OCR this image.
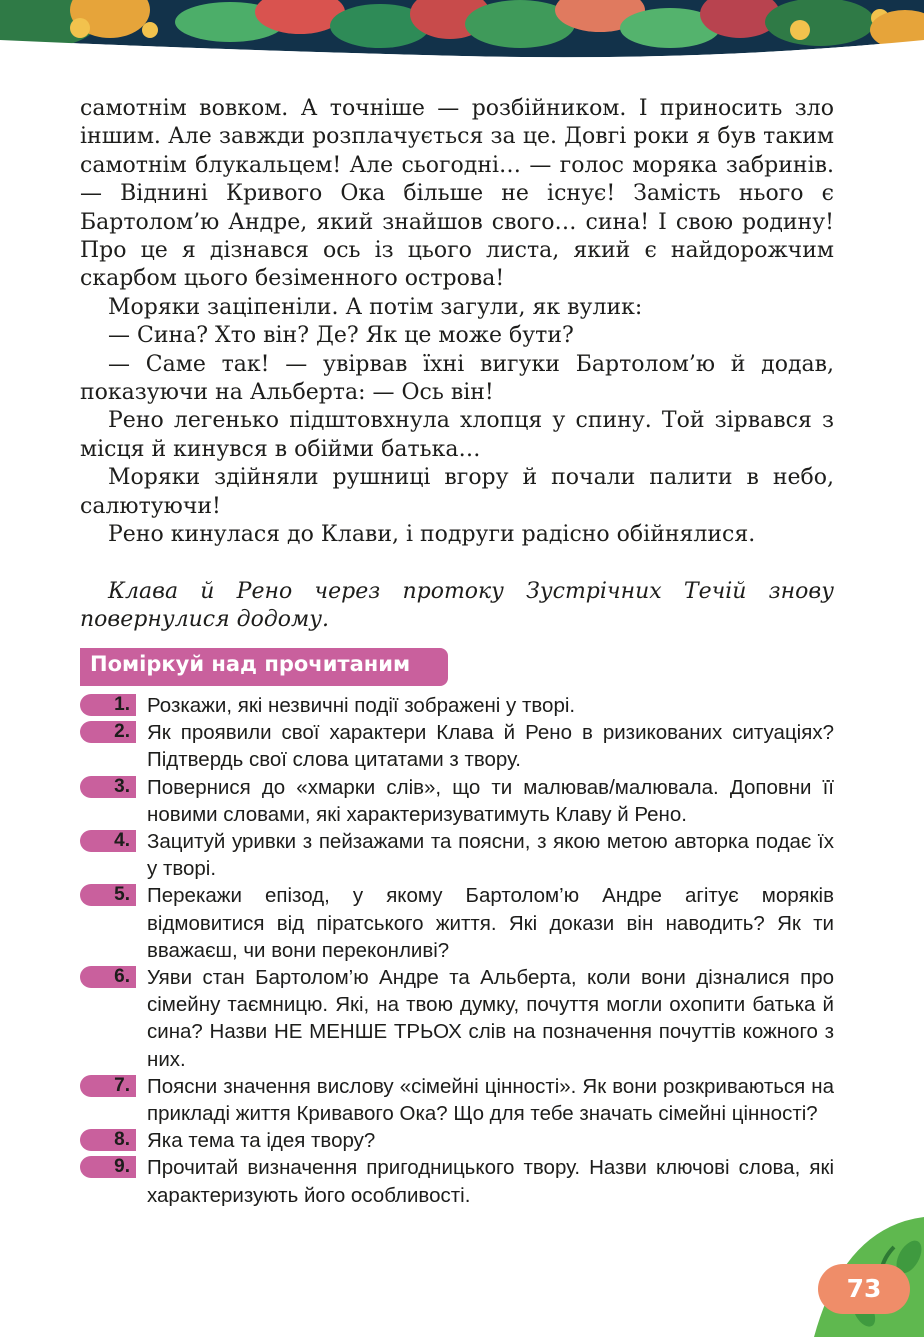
самотнім вовком. А точніше — розбійником. І приносить зло іншим. Але завжди розплачується за це. Довгі роки я був таким самотнім блукальцем! Але сьогодні… — голос моряка забринів. — Віднині Кривого Ока більше не існує! Замість нього є Бартолом’ю Андре, який знайшов свого… сина! І свою родину! Про це я дізнався ось із цього листа, який є найдорожчим скарбом цього безіменного острова!

Моряки заціпеніли. А потім загули, як вулик:

— Сина? Хто він? Де? Як це може бути?

— Саме так! — увірвав їхні вигуки Бартолом’ю й додав, показуючи на Альберта: — Ось він!

Рено легенько підштовхнула хлопця у спину. Той зірвався з місця й кинувся в обійми батька…

Моряки здійняли рушниці вгору й почали палити в небо, салютуючи!

Рено кинулася до Клави, і подруги радісно обійнялися.

Клава й Рено через протоку Зустрічних Течій знову повернулися додому.

Поміркуй над прочитаним
1. Розкажи, які незвичні події зображені у творі.
2. Як проявили свої характери Клава й Рено в ризикованих ситуаціях? Підтвердь свої слова цитатами з твору.
3. Повернися до «хмарки слів», що ти малював/малювала. Доповни її новими словами, які характеризуватимуть Клаву й Рено.
4. Зацитуй уривки з пейзажами та поясни, з якою метою авторка подає їх у творі.
5. Перекажи епізод, у якому Бартолом’ю Андре агітує моряків відмовитися від піратського життя. Які докази він наводить? Як ти вважаєш, чи вони переконливі?
6. Уяви стан Бартолом’ю Андре та Альберта, коли вони дізналися про сімейну таємницю. Які, на твою думку, почуття могли охопити батька й сина? Назви НЕ МЕНШЕ ТРЬОХ слів на позначення почуттів кожного з них.
7. Поясни значення вислову «сімейні цінності». Як вони розкриваються на прикладі життя Кривавого Ока? Що для тебе значать сімейні цінності?
8. Яка тема та ідея твору?
9. Прочитай визначення пригодницького твору. Назви ключові слова, які характеризують його особливості.
73
